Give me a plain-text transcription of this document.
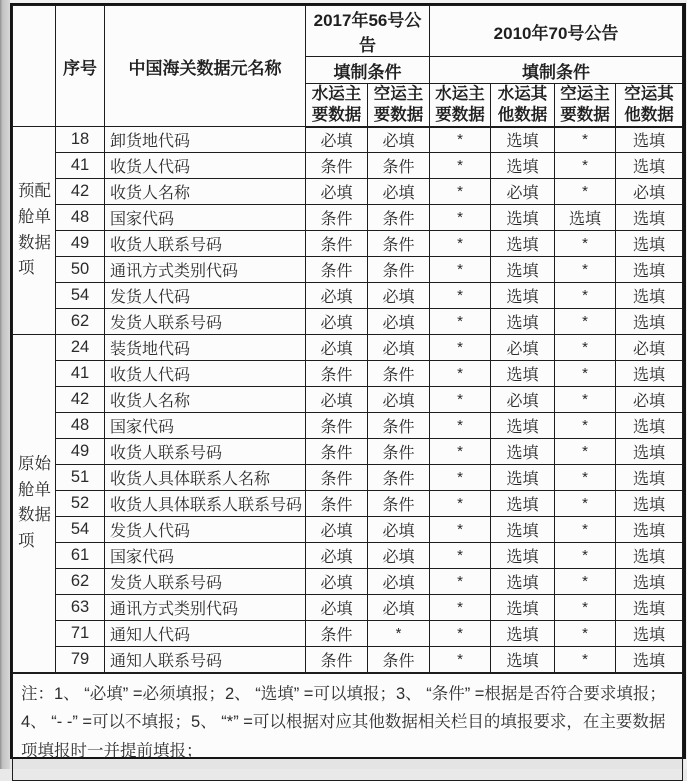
	序号	中国海关数据元名称	2017年56号公告		2010年70号公告			
			填制条件		填制条件			
			水运主要数据	空运主要数据	水运主要数据	水运其他数据	空运主要数据	空运其他数据
预配舱单数据项	18	卸货地代码	必填	必填	*	选填	*	选填
	41	收货人代码	条件	条件	*	选填	*	选填
	42	收货人名称	必填	必填	*	必填	*	必填
	48	国家代码	条件	条件	*	选填	选填	选填
	49	收货人联系号码	条件	条件	*	选填	*	选填
	50	通讯方式类别代码	条件	条件	*	选填	*	选填
	54	发货人代码	必填	必填	*	选填	*	选填
	62	发货人联系号码	必填	必填	*	选填	*	选填
原始舱单数据项	24	装货地代码	必填	必填	*	必填	*	必填
	41	收货人代码	条件	条件	*	选填	*	选填
	42	收货人名称	必填	必填	*	必填	*	必填
	48	国家代码	条件	条件	*	选填	*	选填
	49	收货人联系号码	条件	条件	*	选填	*	选填
	51	收货人具体联系人名称	条件	条件	*	选填	*	选填
	52	收货人具体联系人联系号码	条件	条件	*	选填	*	选填
	54	发货人代码	必填	必填	*	选填	*	选填
	61	国家代码	必填	必填	*	选填	*	选填
	62	发货人联系号码	必填	必填	*	选填	*	选填
	63	通讯方式类别代码	必填	必填	*	选填	*	选填
	71	通知人代码	条件	*	*	选填	*	选填
	79	通知人联系号码	条件	条件	*	选填	*	选填
注：1、 “必填” =必须填报；2、 “选填” =可以填报；3、 “条件” =根据是否符合要求填报；4、 “- -” =可以不填报；5、 “*” =可以根据对应其他数据相关栏目的填报要求，在主要数据项填报时一并提前填报；								
